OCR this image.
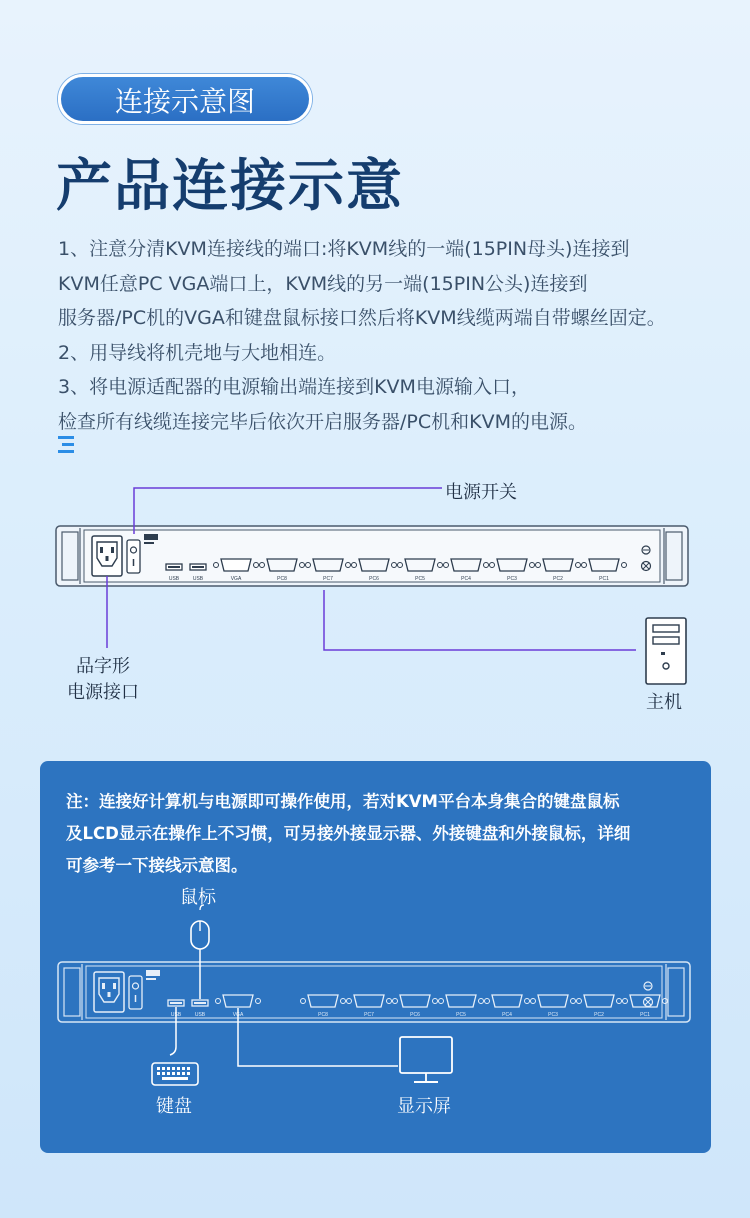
连接示意图
产品连接示意
1、注意分清KVM连接线的端口:将KVM线的一端(15PIN母头)连接到
KVM任意PC VGA端口上，KVM线的另一端(15PIN公头)连接到
服务器/PC机的VGA和键盘鼠标接口然后将KVM线缆两端自带螺丝固定。
2、用导线将机壳地与大地相连。
3、将电源适配器的电源输出端连接到KVM电源输入口，
检查所有线缆连接完毕后依次开启服务器/PC机和KVM的电源。
USB	USB	VGA	PC8	PC7	PC6	PC5	PC4	PC3	PC2	PC1
电源开关
品字形
电源接口	主机
注：连接好计算机与电源即可操作使用，若对KVM平台本身集合的键盘鼠标
及LCD显示在操作上不习惯，可另接外接显示器、外接键盘和外接鼠标，详细
可参考一下接线示意图。
USB	USB	VGA	PC8	PC7	PC6	PC5	PC4	PC3	PC2	PC1
鼠标
键盘	显示屏
